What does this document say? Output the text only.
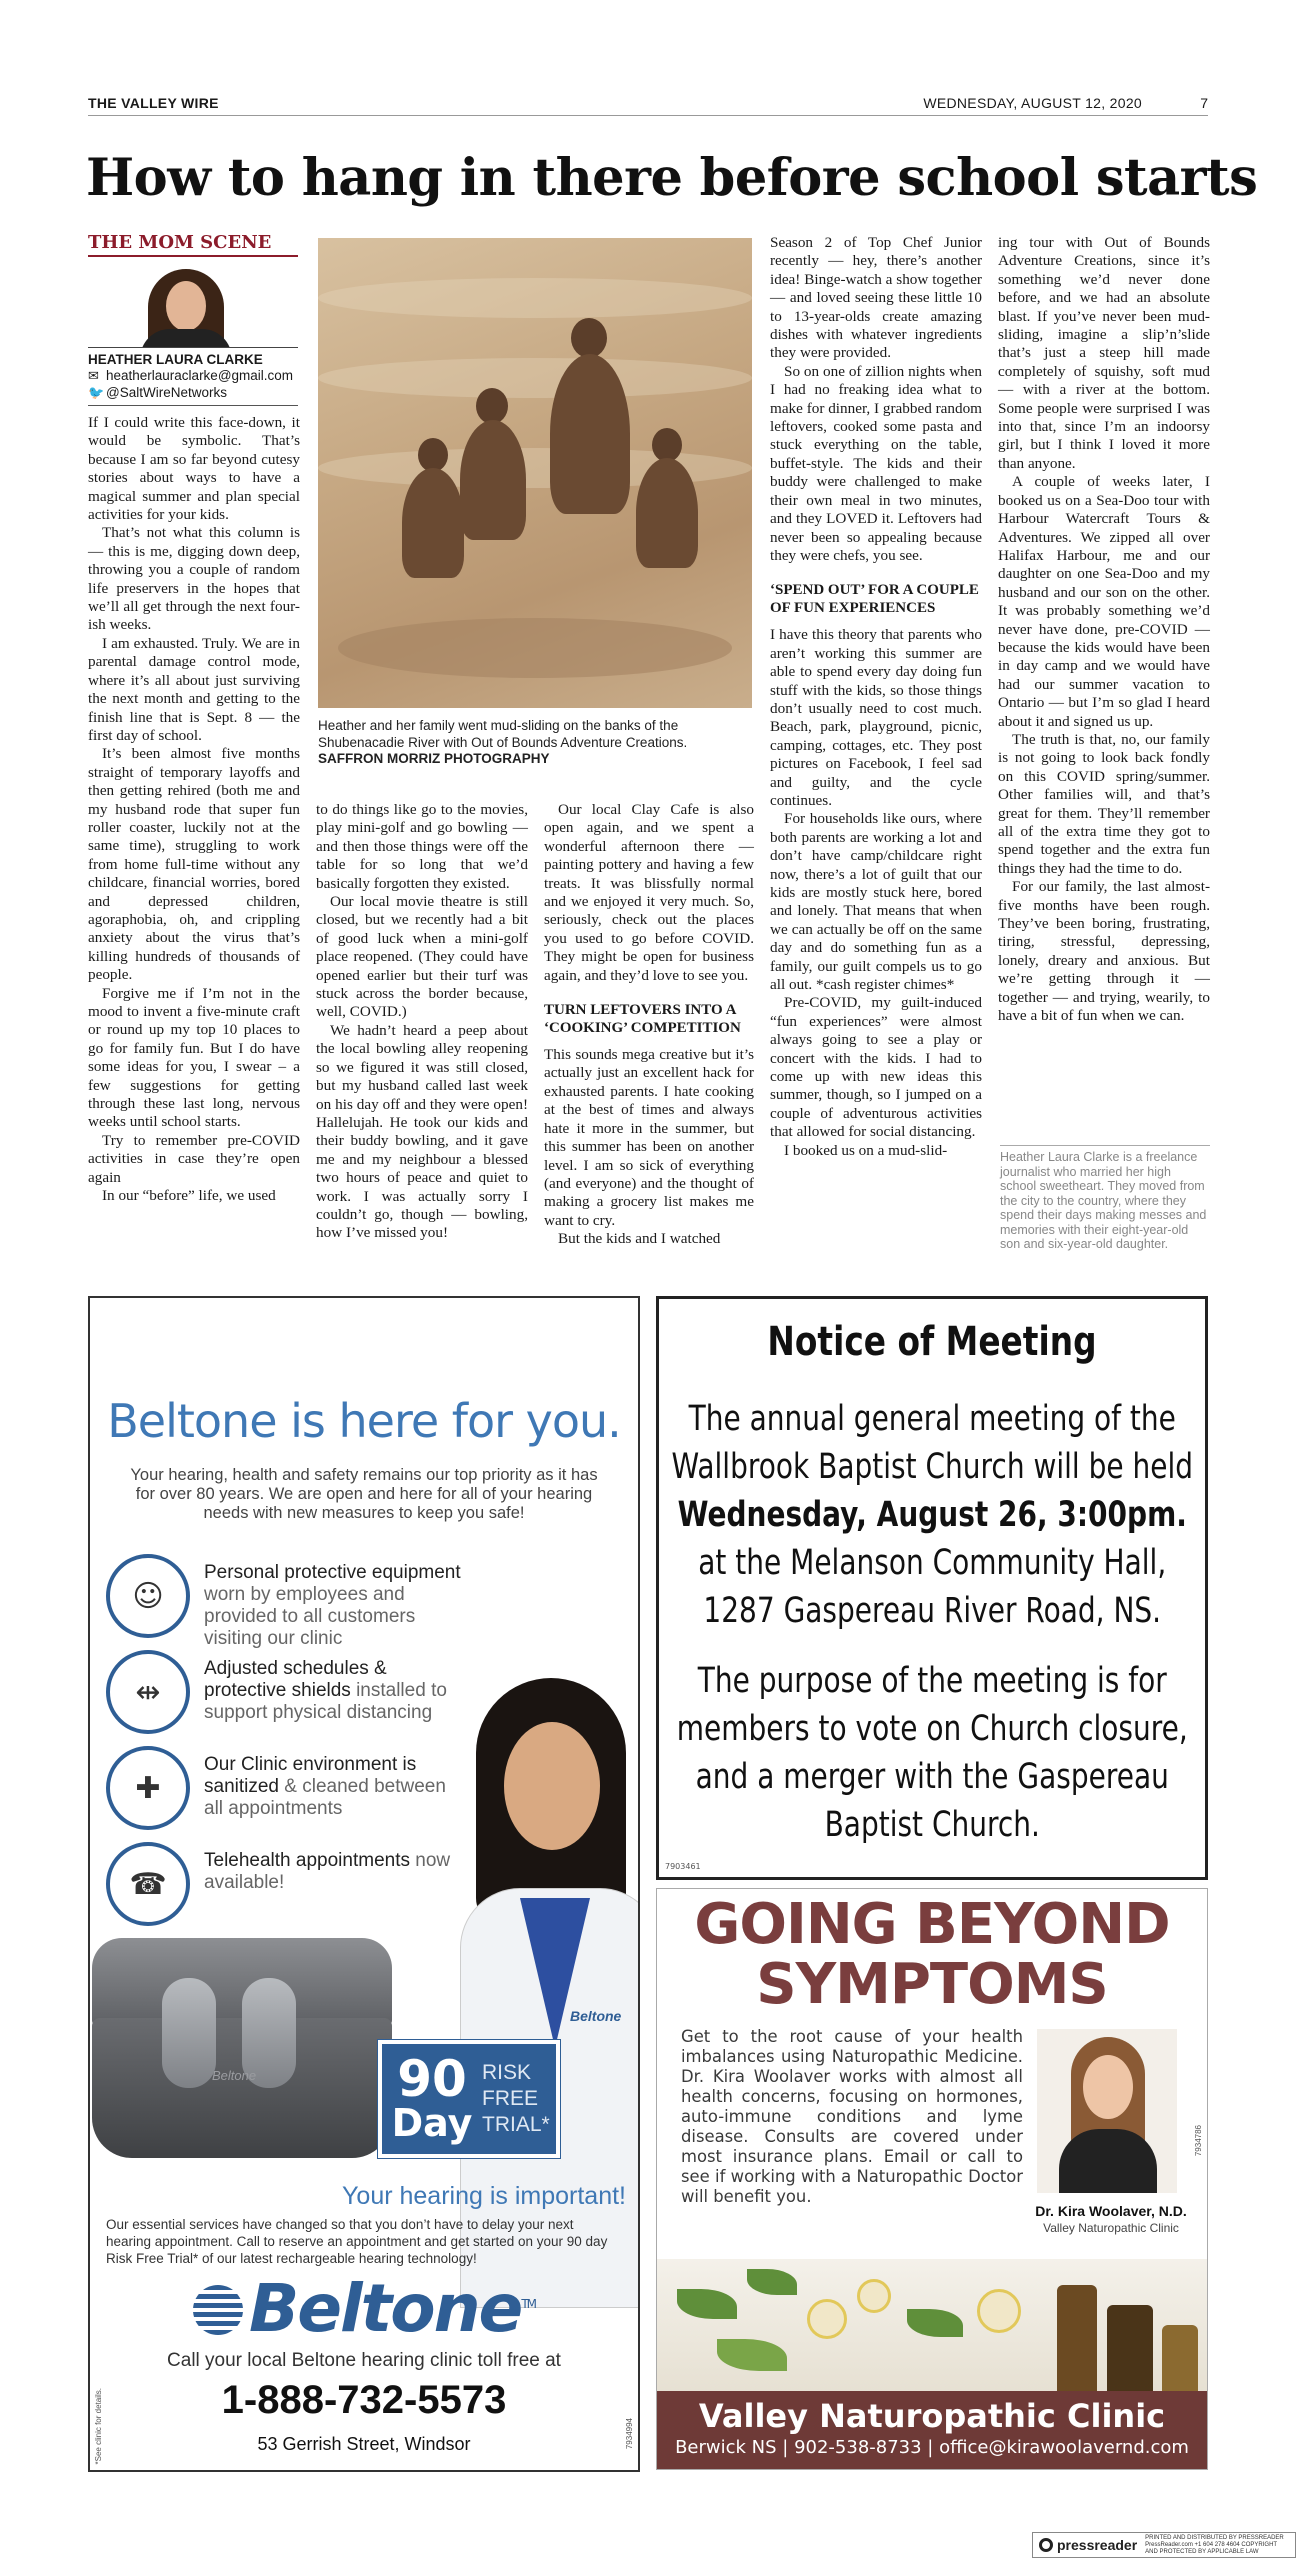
THE VALLEY WIRE	WEDNESDAY, AUGUST 12, 2020	7
How to hang in there before school starts
THE MOM SCENE
HEATHER LAURA CLARKE
✉ heatherlauraclarke@gmail.com
🐦 @SaltWireNetworks

If I could write this face-down, it would be symbolic. That’s because I am so far beyond cutesy stories about ways to have a magical summer and plan special activities for your kids.

That’s not what this column is — this is me, digging down deep, throwing you a couple of random life preservers in the hopes that we’ll all get through the next four-ish weeks.

I am exhausted. Truly. We are in parental damage control mode, where it’s all about just surviving the next month and getting to the finish line that is Sept. 8 — the first day of school.

It’s been almost five months straight of temporary layoffs and then getting rehired (both me and my husband rode that super fun roller coaster, luckily not at the same time), struggling to work from home full-time without any childcare, financial worries, bored and depressed children, agoraphobia, oh, and crippling anxiety about the virus that’s killing hundreds of thousands of people.

Forgive me if I’m not in the mood to invent a five-minute craft or round up my top 10 places to go for family fun. But I do have some ideas for you, I swear – a few suggestions for getting through these last long, nervous weeks until school starts.

Try to remember pre-COVID activities in case they’re open again

In our “before” life, we used

Heather and her family went mud-sliding on the banks of the Shubenacadie River with Out of Bounds Adventure Creations.
SAFFRON MORRIZ PHOTOGRAPHY

to do things like go to the movies, play mini-golf and go bowling — and then those things were off the table for so long that we’d basically forgotten they existed.

Our local movie theatre is still closed, but we recently had a bit of good luck when a mini-golf place reopened. (They could have opened earlier but their turf was stuck across the border because, well, COVID.)

We hadn’t heard a peep about the local bowling alley reopening so we figured it was still closed, but my husband called last week on his day off and they were open! Hallelujah. He took our kids and their buddy bowling, and it gave me and my neighbour a blessed two hours of peace and quiet to work. I was actually sorry I couldn’t go, though — bowling, how I’ve missed you!

Our local Clay Cafe is also open again, and we spent a wonderful afternoon there — painting pottery and having a few treats. It was blissfully normal and we enjoyed it very much. So, seriously, check out the places you used to go before COVID. They might be open for business again, and they’d love to see you.

TURN LEFTOVERS INTO A ‘COOKING’ COMPETITION

This sounds mega creative but it’s actually just an excellent hack for exhausted parents. I hate cooking at the best of times and always hate it more in the summer, but this summer has been on another level. I am so sick of everything (and everyone) and the thought of making a grocery list makes me want to cry.

But the kids and I watched

Season 2 of Top Chef Junior recently — hey, there’s another idea! Binge-watch a show together — and loved seeing these little 10 to 13-year-olds create amazing dishes with whatever ingredients they were provided.

So on one of zillion nights when I had no freaking idea what to make for dinner, I grabbed random leftovers, cooked some pasta and stuck everything on the table, buffet-style. The kids and their buddy were challenged to make their own meal in two minutes, and they LOVED it. Leftovers had never been so appealing because they were chefs, you see.

‘SPEND OUT’ FOR A COUPLE OF FUN EXPERIENCES

I have this theory that parents who aren’t working this summer are able to spend every day doing fun stuff with the kids, so those things don’t usually need to cost much. Beach, park, playground, picnic, camping, cottages, etc. They post pictures on Facebook, I feel sad and guilty, and the cycle continues.

For households like ours, where both parents are working a lot and don’t have camp/childcare right now, there’s a lot of guilt that our kids are mostly stuck here, bored and lonely. That means that when we can actually be off on the same day and do something fun as a family, our guilt compels us to go all out. *cash register chimes*

Pre-COVID, my guilt-induced “fun experiences” were almost always going to see a play or concert with the kids. I had to come up with new ideas this summer, though, so I jumped on a couple of adventurous activities that allowed for social distancing.

I booked us on a mud-slid-

ing tour with Out of Bounds Adventure Creations, since it’s something we’d never done before, and we had an absolute blast. If you’ve never been mud-sliding, imagine a slip’n’slide that’s just a steep hill made completely of squishy, soft mud — with a river at the bottom. Some people were surprised I was into that, since I’m an indoorsy girl, but I think I loved it more than anyone.

A couple of weeks later, I booked us on a Sea-Doo tour with Harbour Watercraft Tours & Adventures. We zipped all over Halifax Harbour, me and our daughter on one Sea-Doo and my husband and our son on the other. It was probably something we’d never have done, pre-COVID — because the kids would have been in day camp and we would have had our summer vacation to Ontario — but I’m so glad I heard about it and signed us up.

The truth is that, no, our family is not going to look back fondly on this COVID spring/summer. Other families will, and that’s great for them. They’ll remember all of the extra time they got to spend together and the extra fun things they had the time to do.

For our family, the last almost-five months have been rough. They’ve been boring, frustrating, tiring, stressful, depressing, lonely, dreary and anxious. But we’re getting through it — together — and trying, wearily, to have a bit of fun when we can.

Heather Laura Clarke is a freelance journalist who married her high school sweetheart. They moved from the city to the country, where they spend their days making messes and memories with their eight-year-old son and six-year-old daughter.
Beltone is here for you.
Your hearing, health and safety remains our top priority as it has for over 80 years. We are open and here for all of your hearing needs with new measures to keep you safe!
☺
Personal protective equipment worn by employees and provided to all customers visiting our clinic
⇹
Adjusted schedules & protective shields installed to support physical distancing
✚
Our Clinic environment is sanitized & cleaned between all appointments
☎
Telehealth appointments now available!
Beltone
Beltone	90
Day
RISK
FREE
TRIAL*
Your hearing is important!
Our essential services have changed so that you don’t have to delay your next hearing appointment. Call to reserve an appointment and get started on your 90 day Risk Free Trial* of our latest rechargeable hearing technology!
Beltone™
Call your local Beltone hearing clinic toll free at
1-888-732-5573
53 Gerrish Street, Windsor
*See clinic for details.	7934994
Notice of Meeting
The annual general meeting of the Wallbrook Baptist Church will be held
Wednesday, August 26, 3:00pm.
at the Melanson Community Hall, 1287 Gaspereau River Road, NS.
The purpose of the meeting is for members to vote on Church closure, and a merger with the Gaspereau Baptist Church.
7903461
GOING BEYOND SYMPTOMS
Get to the root cause of your health imbalances using Naturopathic Medicine. Dr. Kira Woolaver works with almost all health concerns, focusing on hormones, auto-immune conditions and lyme disease. Consults are covered under most insurance plans. Email or call to see if working with a Naturopathic Doctor will benefit you.
Dr. Kira Woolaver, N.D.
Valley Naturopathic Clinic
7934786
Valley Naturopathic Clinic
Berwick NS | 902-538-8733 | office@kirawoolavernd.com
pressreader PRINTED AND DISTRIBUTED BY PRESSREADER PressReader.com +1 604 278 4604 COPYRIGHT AND PROTECTED BY APPLICABLE LAW
